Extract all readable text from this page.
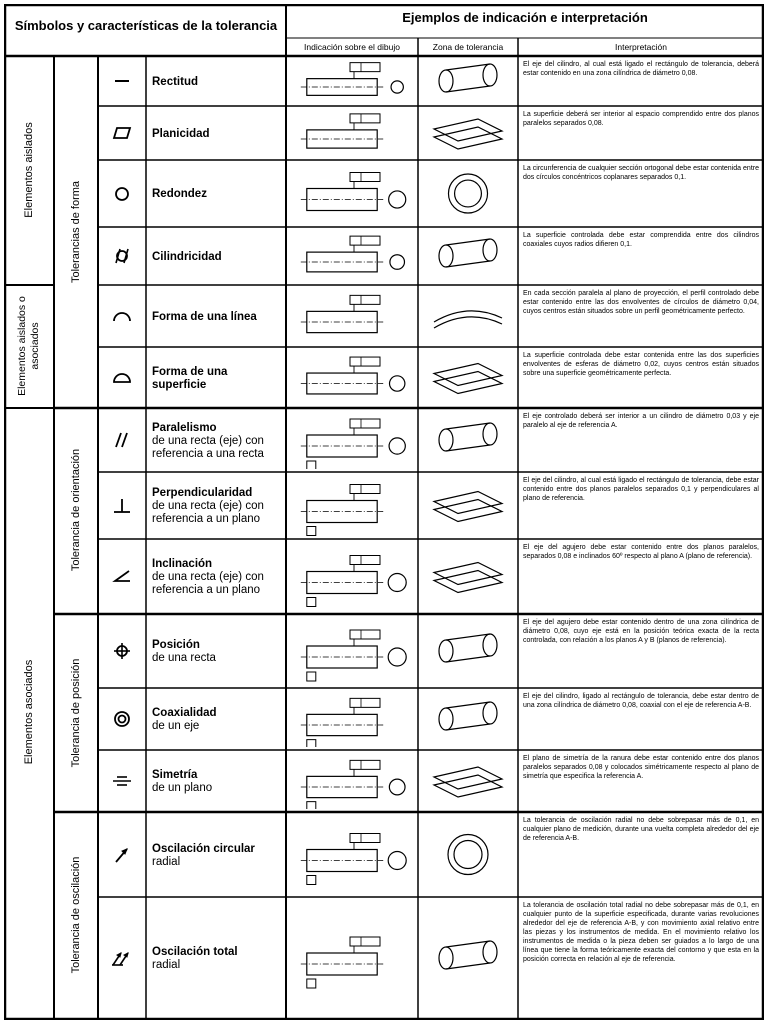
Símbolos y características de la tolerancia
Ejemplos de indicación e interpretación
Indicación sobre el dibujo	Zona de tolerancia	Interpretación
Elementos aislados
Elementos aislados o asociados
Elementos asociados
Tolerancias de forma
Tolerancia de orientación
Tolerancia de posición
Tolerancia de oscilación
Rectitud
El eje del cilindro, al cual está ligado el rectángulo de tolerancia, deberá estar contenido en una zona cilíndrica de diámetro 0,08.
Planicidad
La superficie deberá ser interior al espacio comprendido entre dos planos paralelos separados 0,08.
Redondez
La circunferencia de cualquier sección ortogonal debe estar contenida entre dos círculos concéntricos coplanares separados 0,1.
Cilindricidad
La superficie controlada debe estar comprendida entre dos cilindros coaxiales cuyos radios difieren 0,1.
Forma de una línea
En cada sección paralela al plano de proyección, el perfil controlado debe estar contenido entre las dos envolventes de círculos de diámetro 0,04, cuyos centros están situados sobre un perfil geométricamente perfecto.
Forma de una superficie
La superficie controlada debe estar contenida entre las dos superficies envolventes de esferas de diámetro 0,02, cuyos centros están situados sobre una superficie geométricamente perfecta.
Paralelismo
de una recta (eje) con referencia a una recta
El eje controlado deberá ser interior a un cilindro de diámetro 0,03 y eje paralelo al eje de referencia A.
Perpendicularidad
de una recta (eje) con referencia a un plano
El eje del cilindro, al cual está ligado el rectángulo de tolerancia, debe estar contenido entre dos planos paralelos separados 0,1 y perpendiculares al plano de referencia.
Inclinación
de una recta (eje) con referencia a un plano
El eje del agujero debe estar contenido entre dos planos paralelos, separados 0,08 e inclinados 60º respecto al plano A (plano de referencia).
Posición
de una recta
El eje del agujero debe estar contenido dentro de una zona cilíndrica de diámetro 0,08, cuyo eje está en la posición teórica exacta de la recta controlada, con relación a los planos A y B (planos de referencia).
Coaxialidad
de un eje
El eje del cilindro, ligado al rectángulo de tolerancia, debe estar dentro de una zona cilíndrica de diámetro 0,08, coaxial con el eje de referencia A-B.
Simetría
de un plano
El plano de simetría de la ranura debe estar contenido entre dos planos paralelos separados 0,08 y colocados simétricamente respecto al plano de simetría que especifica la referencia A.
Oscilación circular
radial
La tolerancia de oscilación radial no debe sobrepasar más de 0,1, en cualquier plano de medición, durante una vuelta completa alrededor del eje de referencia A-B.
Oscilación total
radial
La tolerancia de oscilación total radial no debe sobrepasar más de 0,1, en cualquier punto de la superficie especificada, durante varias revoluciones alrededor del eje de referencia A-B, y con movimiento axial relativo entre las piezas y los instrumentos de medida. En el movimiento relativo los instrumentos de medida o la pieza deben ser guiados a lo largo de una línea que tiene la forma teóricamente exacta del contorno y que esta en la posición correcta en relación al eje de referencia.
